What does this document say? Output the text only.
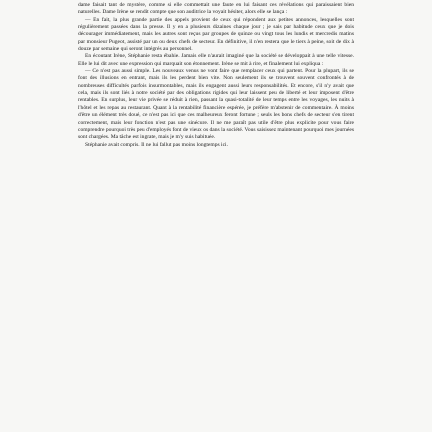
dame faisait tant de mystère, comme si elle commettait une faute en lui faisant ces révélations qui paraissaient bien naturelles. Dame Irène se rendit compte que son auditrice la voyait hésiter, alors elle se lança :

— En fait, la plus grande partie des appels provient de ceux qui répondent aux petites annonces, lesquelles sont régulièrement passées dans la presse. Il y en a plusieurs dizaines chaque jour ; je sais par habitude ceux que je dois décourager immédiatement, mais les autres sont reçus par groupes de quinze ou vingt tous les lundis et mercredis matins par monsieur Pugeot, assisté par un ou deux chefs de secteur. En définitive, il n'en restera que le tiers à peine, soit de dix à douze par semaine qui seront intégrés au personnel.

En écoutant Irène, Stéphanie resta ébahie. Jamais elle n'aurait imaginé que la société se développait à une telle vitesse. Elle le lui dit avec une expression qui marquait son étonnement. Irène se mit à rire, et finalement lui expliqua :

— Ce n'est pas aussi simple. Les nouveaux venus ne vont faire que remplacer ceux qui partent. Pour la plupart, ils se font des illusions en entrant, mais ils les perdent bien vite. Non seulement ils se trouvent souvent confrontés à de nombreuses difficultés parfois insurmontables, mais ils engagent aussi leurs responsabilités. Et encore, s'il n'y avait que cela, mais ils sont liés à notre société par des obligations rigides qui leur laissent peu de liberté et leur imposent d'être rentables. En surplus, leur vie privée se réduit à rien, passant la quasi-totalité de leur temps entre les voyages, les nuits à l'hôtel et les repas au restaurant. Quant à la rentabilité financière espérée, je préfère m'abstenir de commentaire. À moins d'être un élément très doué, ce n'est pas ici que ces malheureux feront fortune ; seuls les bons chefs de secteur s'en tirent correctement, mais leur fonction n'est pas une sinécure. Il ne me paraît pas utile d'être plus explicite pour vous faire comprendre pourquoi très peu d'employés font de vieux os dans la société. Vous saisissez maintenant pourquoi mes journées sont chargées. Ma tâche est ingrate, mais je m'y suis habituée.

Stéphanie avait compris. Il ne lui fallut pas moins longtemps ici.
